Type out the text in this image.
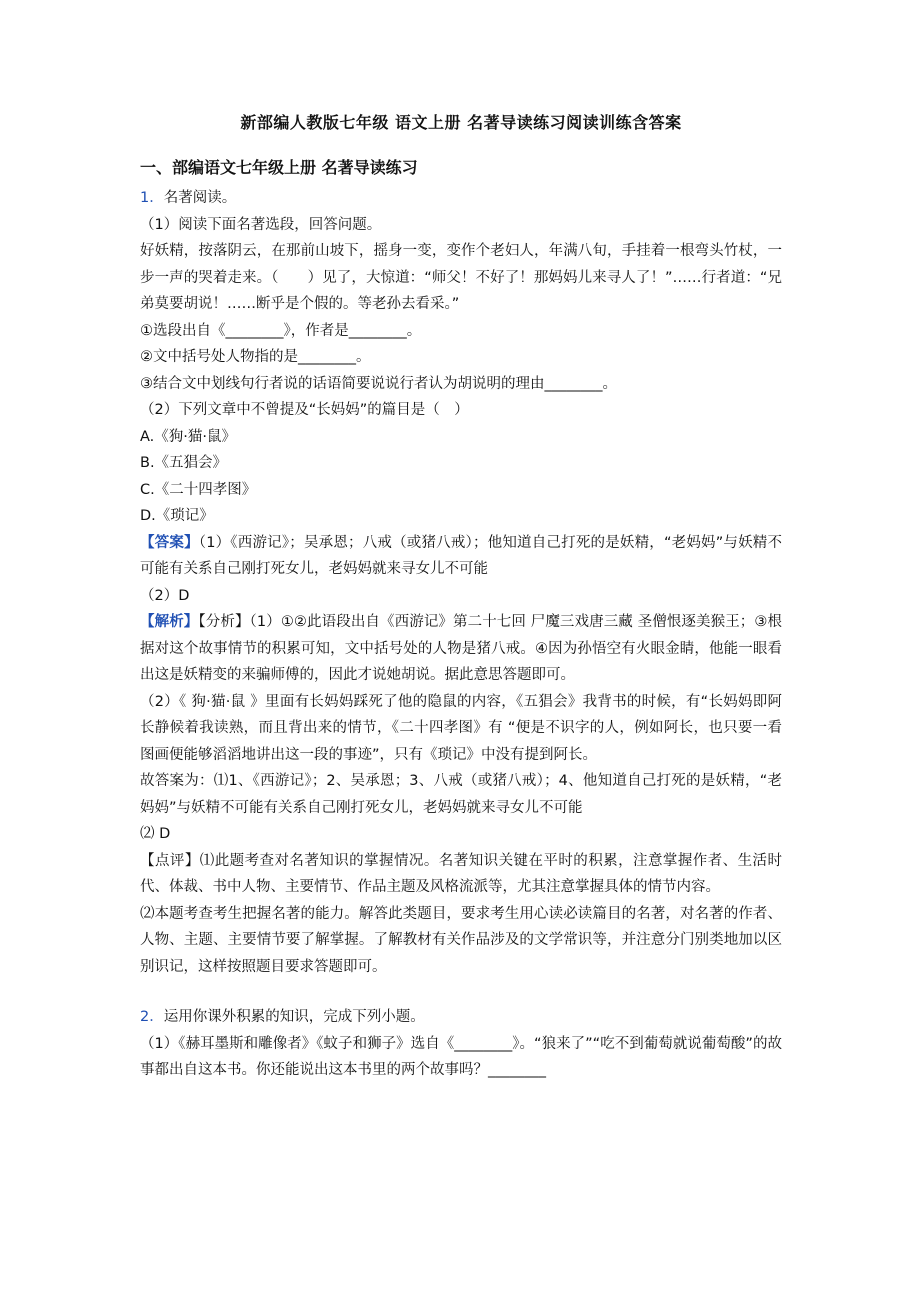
新部编人教版七年级 语文上册 名著导读练习阅读训练含答案
一、部编语文七年级上册 名著导读练习

1．名著阅读。

（1）阅读下面名著选段，回答问题。

好妖精，按落阴云，在那前山坡下，摇身一变，变作个老妇人，年满八旬，手挂着一根弯头竹杖，一步一声的哭着走来。（　　）见了，大惊道：“师父！不好了！那妈妈儿来寻人了！”……行者道：“兄弟莫要胡说！……断乎是个假的。等老孙去看采。”

①选段出自《________》，作者是________。

②文中括号处人物指的是________。

③结合文中划线句行者说的话语简要说说行者认为胡说明的理由________。

（2）下列文章中不曾提及“长妈妈”的篇目是（　）

A.《狗·猫·鼠》

B.《五猖会》

C.《二十四孝图》

D.《琐记》

【答案】（1）《西游记》；吴承恩；八戒（或猪八戒）；他知道自己打死的是妖精，“老妈妈”与妖精不可能有关系自己刚打死女儿，老妈妈就来寻女儿不可能

（2）D

【解析】【分析】（1）①②此语段出自《西游记》第二十七回 尸魔三戏唐三藏 圣僧恨逐美猴王；③根据对这个故事情节的积累可知，文中括号处的人物是猪八戒。④因为孙悟空有火眼金睛，他能一眼看出这是妖精变的来骗师傅的，因此才说她胡说。据此意思答题即可。

（2）《 狗·猫·鼠 》里面有长妈妈踩死了他的隐鼠的内容，《五猖会》我背书的时候，有“长妈妈即阿长静候着我读熟，而且背出来的情节，《二十四孝图》有 “便是不识字的人，例如阿长，也只要一看图画便能够滔滔地讲出这一段的事迹”，只有《琐记》中没有提到阿长。

故答案为：⑴1、《西游记》；2、吴承恩；3、八戒（或猪八戒）；4、他知道自己打死的是妖精，“老妈妈”与妖精不可能有关系自己刚打死女儿，老妈妈就来寻女儿不可能

⑵ D

【点评】⑴此题考查对名著知识的掌握情况。名著知识关键在平时的积累，注意掌握作者、生活时代、体裁、书中人物、主要情节、作品主题及风格流派等，尤其注意掌握具体的情节内容。

⑵本题考查考生把握名著的能力。解答此类题目，要求考生用心读必读篇目的名著，对名著的作者、人物、主题、主要情节要了解掌握。了解教材有关作品涉及的文学常识等，并注意分门别类地加以区别识记，这样按照题目要求答题即可。

2．运用你课外积累的知识，完成下列小题。

（1）《赫耳墨斯和雕像者》《蚊子和狮子》选自《________》。“狼来了”“吃不到葡萄就说葡萄酸”的故事都出自这本书。你还能说出这本书里的两个故事吗？________
